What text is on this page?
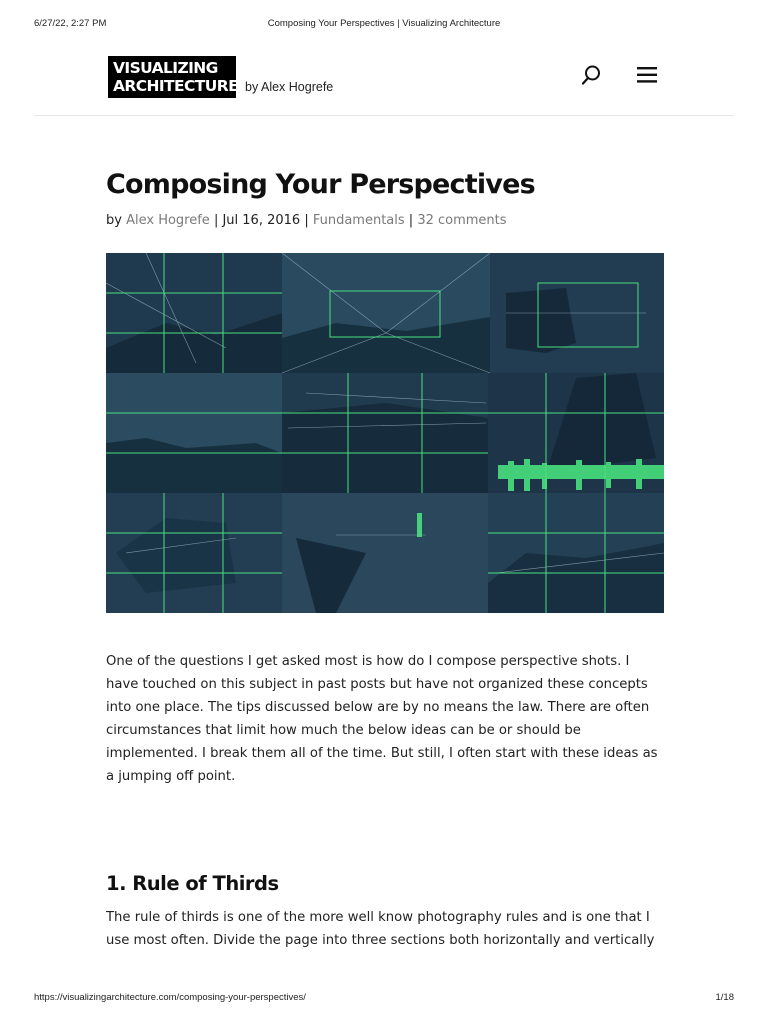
6/27/22, 2:27 PM	Composing Your Perspectives | Visualizing Architecture
VISUALIZING
ARCHITECTURE by Alex Hogrefe
Composing Your Perspectives
by Alex Hogrefe | Jul 16, 2016 | Fundamentals | 32 comments

One of the questions I get asked most is how do I compose perspective shots. I have touched on this subject in past posts but have not organized these concepts into one place. The tips discussed below are by no means the law. There are often circumstances that limit how much the below ideas can be or should be implemented. I break them all of the time. But still, I often start with these ideas as a jumping off point.

1. Rule of Thirds

The rule of thirds is one of the more well know photography rules and is one that I use most often. Divide the page into three sections both horizontally and vertically

https://visualizingarchitecture.com/composing-your-perspectives/	1/18
